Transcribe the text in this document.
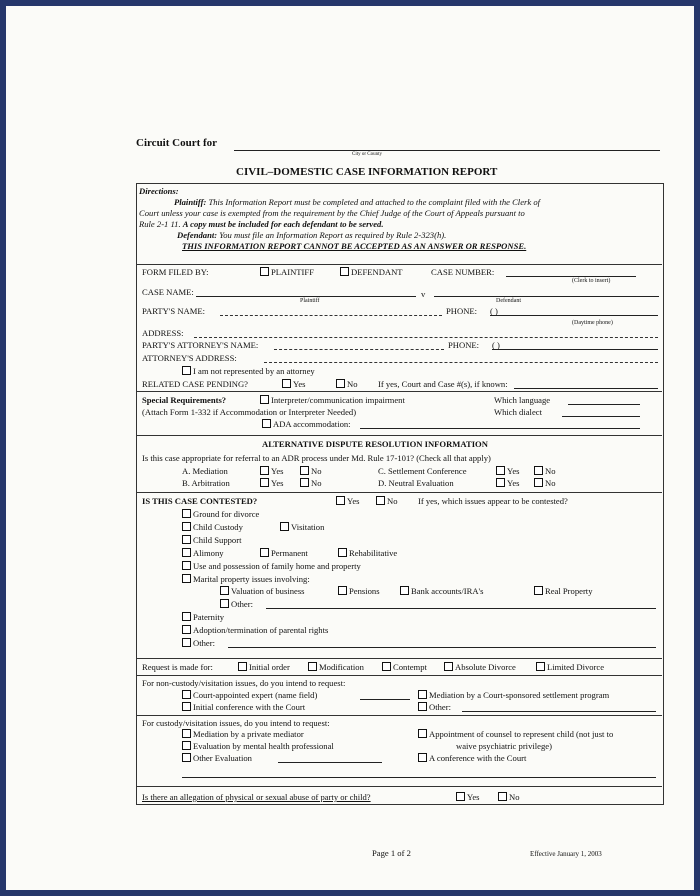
Circuit Court for
City or County
CIVIL–DOMESTIC CASE INFORMATION REPORT
Directions:
Plaintiff: This Information Report must be completed and attached to the complaint filed with the Clerk of
Court unless your case is exempted from the requirement by the Chief Judge of the Court of Appeals pursuant to
Rule 2-1 11. A copy must be included for each defendant to be served.
Defendant: You must file an Information Report as required by Rule 2-323(h).
THIS INFORMATION REPORT CANNOT BE ACCEPTED AS AN ANSWER OR RESPONSE.
FORM FILED BY:	PLAINTIFF	DEFENDANT	CASE NUMBER:
(Clerk to insert)
CASE NAME:	v
Plaintiff	Defendant
PARTY'S NAME:	PHONE: ( )
(Daytime phone)
ADDRESS:
PARTY'S ATTORNEY'S NAME:	PHONE: ( )
ATTORNEY'S ADDRESS:
I am not represented by an attorney
RELATED CASE PENDING?	Yes	No If yes, Court and Case #(s), if known:
Special Requirements?	Interpreter/communication impairment	Which language
(Attach Form 1-332 if Accommodation or Interpreter Needed)	Which dialect
ADA accommodation:
ALTERNATIVE DISPUTE RESOLUTION INFORMATION
Is this case appropriate for referral to an ADR process under Md. Rule 17-101? (Check all that apply)
A. Mediation	Yes	No	C. Settlement Conference	Yes	No
B. Arbitration	Yes	No	D. Neutral Evaluation	Yes	No
IS THIS CASE CONTESTED?	Yes	No If yes, which issues appear to be contested?
Ground for divorce
Child Custody	Visitation
Child Support
Alimony	Permanent	Rehabilitative
Use and possession of family home and property
Marital property issues involving:
Valuation of business	Pensions	Bank accounts/IRA's	Real Property
Other:
Paternity
Adoption/termination of parental rights
Other:
Request is made for:	Initial order	Modification	Contempt	Absolute Divorce	Limited Divorce
For non-custody/visitation issues, do you intend to request:
Court-appointed expert (name field)	Mediation by a Court-sponsored settlement program
Initial conference with the Court	Other:
For custody/visitation issues, do you intend to request:
Mediation by a private mediator	Appointment of counsel to represent child (not just to
Evaluation by mental health professional	waive psychiatric privilege)
Other Evaluation	A conference with the Court
Is there an allegation of physical or sexual abuse of party or child?	Yes	No
Page 1 of 2	Effective January 1, 2003
